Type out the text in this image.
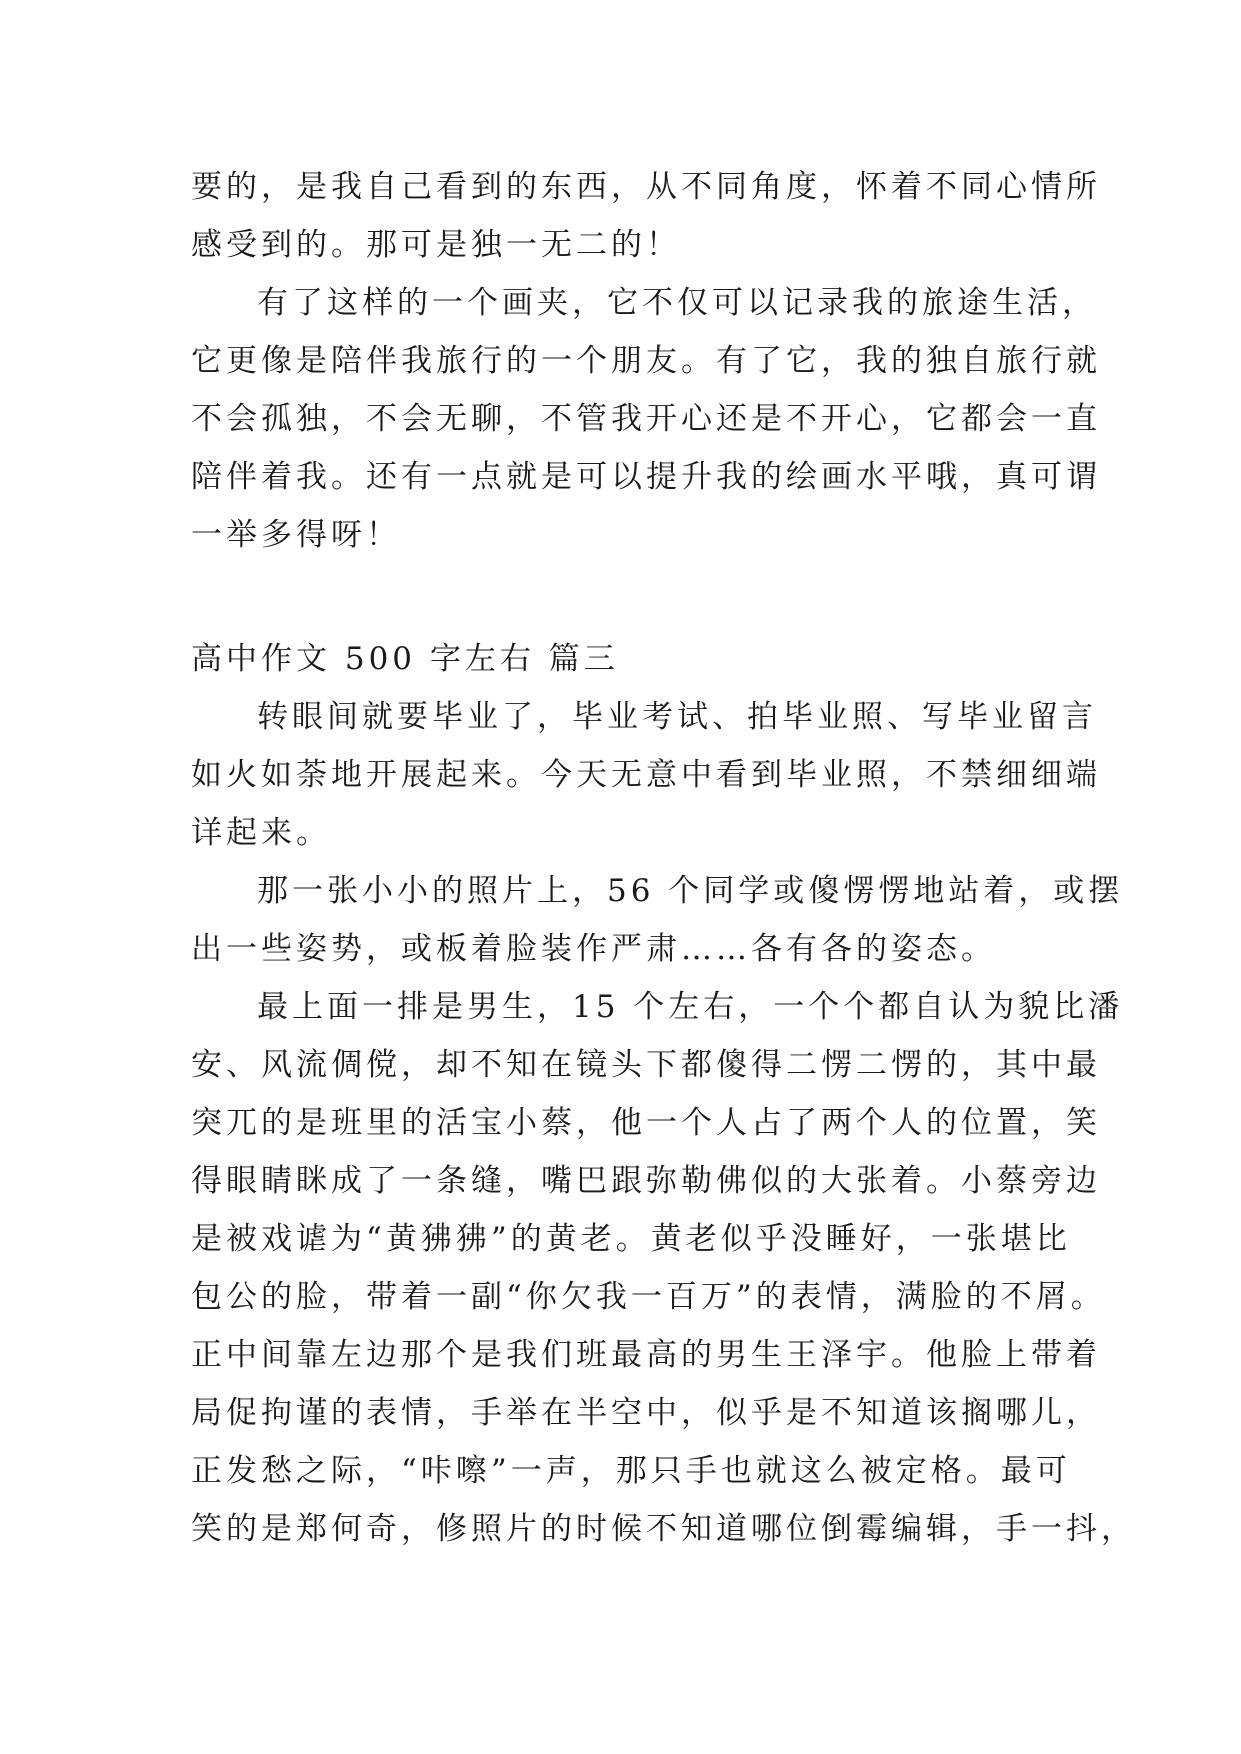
要的，是我自己看到的东西，从不同角度，怀着不同心情所
感受到的。那可是独一无二的！
有了这样的一个画夹，它不仅可以记录我的旅途生活，
它更像是陪伴我旅行的一个朋友。有了它，我的独自旅行就
不会孤独，不会无聊，不管我开心还是不开心，它都会一直
陪伴着我。还有一点就是可以提升我的绘画水平哦，真可谓
一举多得呀！
高中作文 500 字左右 篇三
转眼间就要毕业了，毕业考试、拍毕业照、写毕业留言
如火如荼地开展起来。今天无意中看到毕业照，不禁细细端
详起来。
那一张小小的照片上，56 个同学或傻愣愣地站着，或摆
出一些姿势，或板着脸装作严肃……各有各的姿态。
最上面一排是男生，15 个左右，一个个都自认为貌比潘
安、风流倜傥，却不知在镜头下都傻得二愣二愣的，其中最
突兀的是班里的活宝小蔡，他一个人占了两个人的位置，笑
得眼睛眯成了一条缝，嘴巴跟弥勒佛似的大张着。小蔡旁边
是被戏谑为“黄狒狒”的黄老。黄老似乎没睡好，一张堪比
包公的脸，带着一副“你欠我一百万”的表情，满脸的不屑。
正中间靠左边那个是我们班最高的男生王泽宇。他脸上带着
局促拘谨的表情，手举在半空中，似乎是不知道该搁哪儿，
正发愁之际，“咔嚓”一声，那只手也就这么被定格。最可
笑的是郑何奇，修照片的时候不知道哪位倒霉编辑，手一抖，
